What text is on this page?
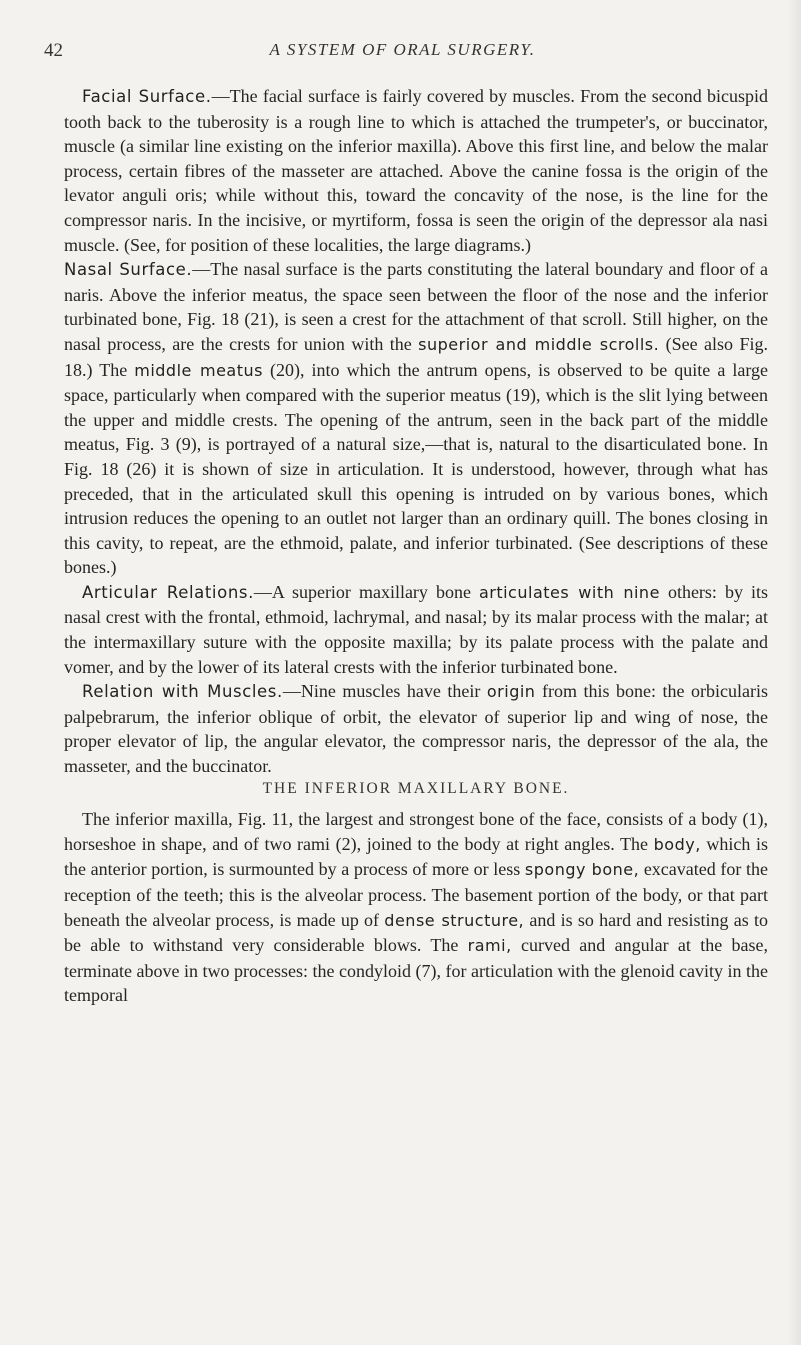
42	A SYSTEM OF ORAL SURGERY.

Facial Surface.—The facial surface is fairly covered by muscles. From the second bicuspid tooth back to the tuberosity is a rough line to which is attached the trumpeter's, or buccinator, muscle (a similar line existing on the inferior maxilla). Above this first line, and below the malar process, certain fibres of the masseter are attached. Above the canine fossa is the origin of the levator anguli oris; while without this, toward the concavity of the nose, is the line for the compressor naris. In the incisive, or myrtiform, fossa is seen the origin of the depressor ala nasi muscle. (See, for position of these localities, the large diagrams.)

Nasal Surface.—The nasal surface is the parts constituting the lateral boundary and floor of a naris. Above the inferior meatus, the space seen between the floor of the nose and the inferior turbinated bone, Fig. 18 (21), is seen a crest for the attachment of that scroll. Still higher, on the nasal process, are the crests for union with the superior and middle scrolls. (See also Fig. 18.) The middle meatus (20), into which the antrum opens, is observed to be quite a large space, particularly when compared with the superior meatus (19), which is the slit lying between the upper and middle crests. The opening of the antrum, seen in the back part of the middle meatus, Fig. 3 (9), is portrayed of a natural size,—that is, natural to the disarticulated bone. In Fig. 18 (26) it is shown of size in articulation. It is understood, however, through what has preceded, that in the articulated skull this opening is intruded on by various bones, which intrusion reduces the opening to an outlet not larger than an ordinary quill. The bones closing in this cavity, to repeat, are the ethmoid, palate, and inferior turbinated. (See descriptions of these bones.)

Articular Relations.—A superior maxillary bone articulates with nine others: by its nasal crest with the frontal, ethmoid, lachrymal, and nasal; by its malar process with the malar; at the intermaxillary suture with the opposite maxilla; by its palate process with the palate and vomer, and by the lower of its lateral crests with the inferior turbinated bone.

Relation with Muscles.—Nine muscles have their origin from this bone: the orbicularis palpebrarum, the inferior oblique of orbit, the elevator of superior lip and wing of nose, the proper elevator of lip, the angular elevator, the compressor naris, the depressor of the ala, the masseter, and the buccinator.

THE INFERIOR MAXILLARY BONE.

The inferior maxilla, Fig. 11, the largest and strongest bone of the face, consists of a body (1), horseshoe in shape, and of two rami (2), joined to the body at right angles. The body, which is the anterior portion, is surmounted by a process of more or less spongy bone, excavated for the reception of the teeth; this is the alveolar process. The basement portion of the body, or that part beneath the alveolar process, is made up of dense structure, and is so hard and resisting as to be able to withstand very considerable blows. The rami, curved and angular at the base, terminate above in two processes: the condyloid (7), for articulation with the glenoid cavity in the temporal
